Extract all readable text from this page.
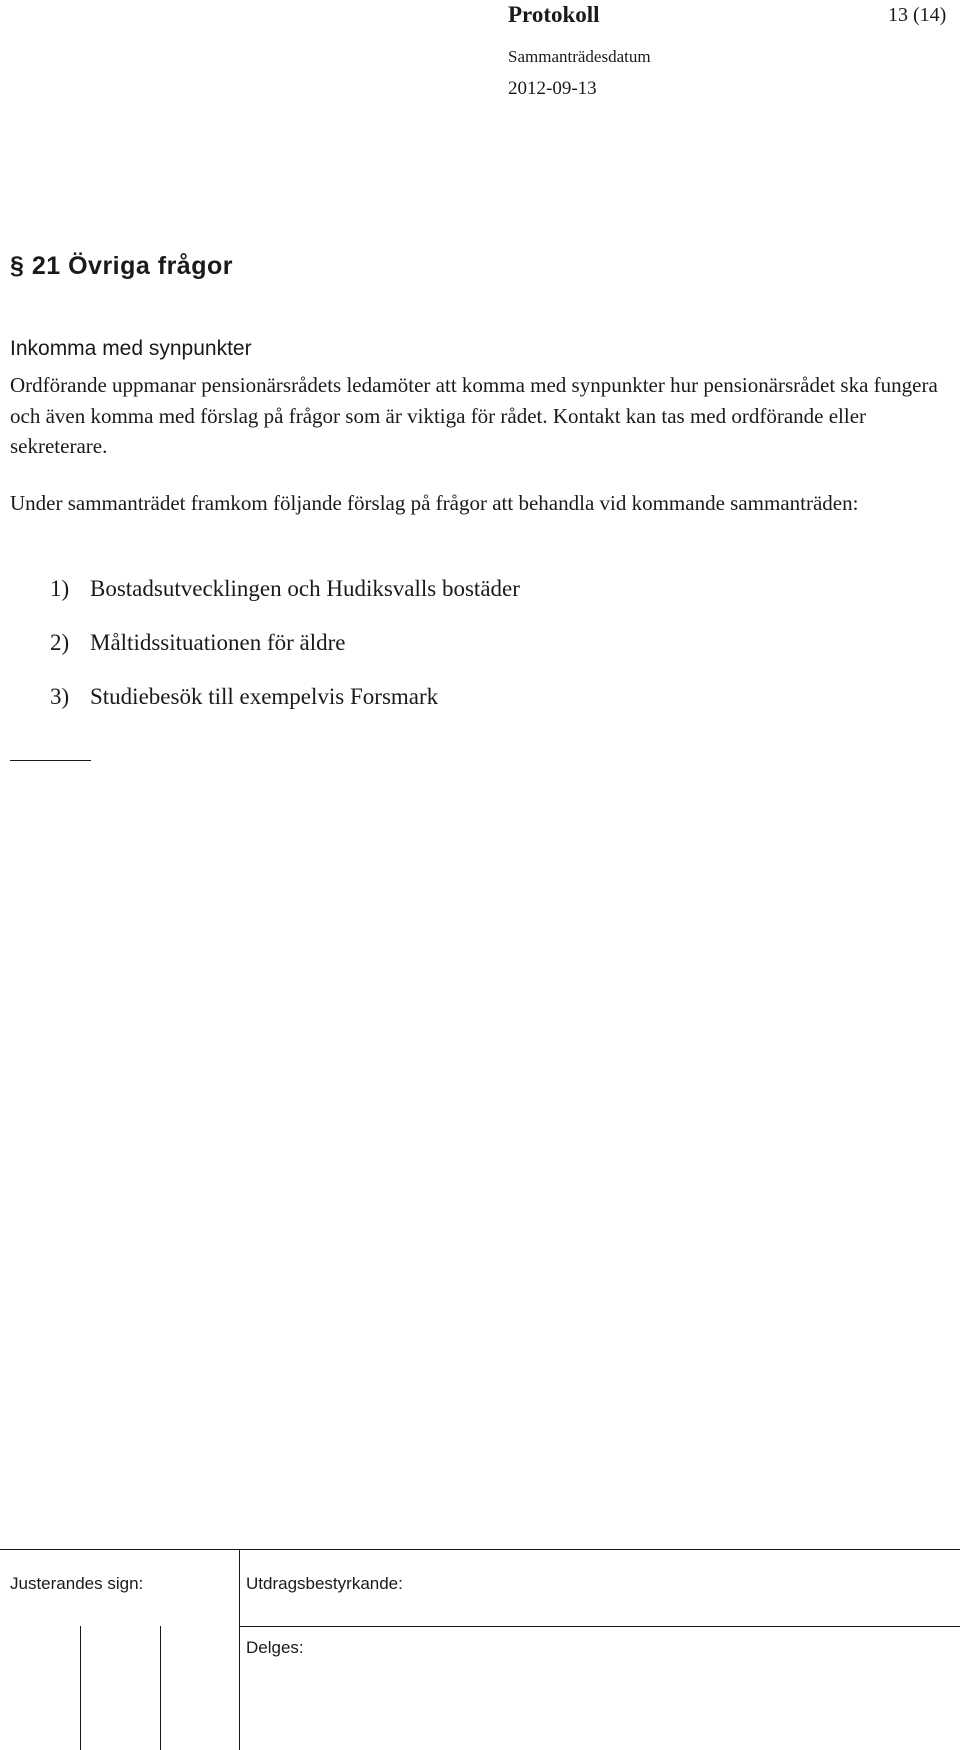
Protokoll	13 (14)
Sammanträdesdatum
2012-09-13
§ 21 Övriga frågor
Inkomma med synpunkter
Ordförande uppmanar pensionärsrådets ledamöter att komma med synpunkter hur pensionärsrådet ska fungera och även komma med förslag på frågor som är viktiga för rådet. Kontakt kan tas med ordförande eller sekreterare.
Under sammanträdet framkom följande förslag på frågor att behandla vid kommande sammanträden:
1) Bostadsutvecklingen och Hudiksvalls bostäder
2) Måltidssituationen för äldre
3) Studiebesök till exempelvis Forsmark
Justerandes sign:	Utdragsbestyrkande:
Delges:
